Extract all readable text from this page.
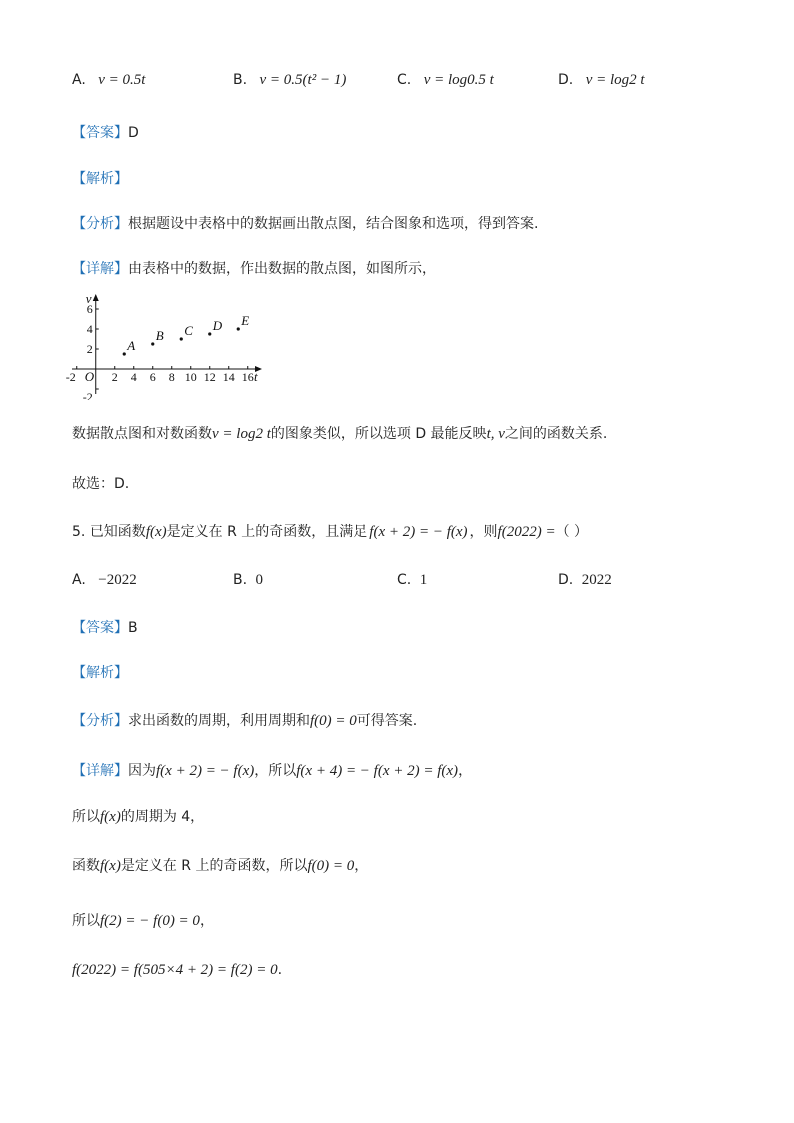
A. v = 0.5t	B. v = 0.5(t² − 1)	C. v = log0.5 t	D. v = log2 t
【答案】D
【解析】
【分析】根据题设中表格中的数据画出散点图，结合图象和选项，得到答案.
【详解】由表格中的数据，作出数据的散点图，如图所示，
t
v
O
-2	2 4 6 8 10 12 14 16
-2
2
4
6
A
B C D E
数据散点图和对数函数v = log2 t的图象类似，所以选项 D 最能反映t, v之间的函数关系.
故选：D.
5. 已知函数f(x)是定义在 R 上的奇函数，且满足 f(x + 2) = − f(x) ，则f(2022) =（ ）
A. −2022	B. 0	C. 1	D. 2022
【答案】B
【解析】
【分析】求出函数的周期，利用周期和f(0) = 0可得答案.
【详解】因为f(x + 2) = − f(x)，所以f(x + 4) = − f(x + 2) = f(x)，
所以f(x)的周期为 4，
函数f(x)是定义在 R 上的奇函数，所以f(0) = 0，
所以f(2) = − f(0) = 0，
f(2022) = f(505×4 + 2) = f(2) = 0.
